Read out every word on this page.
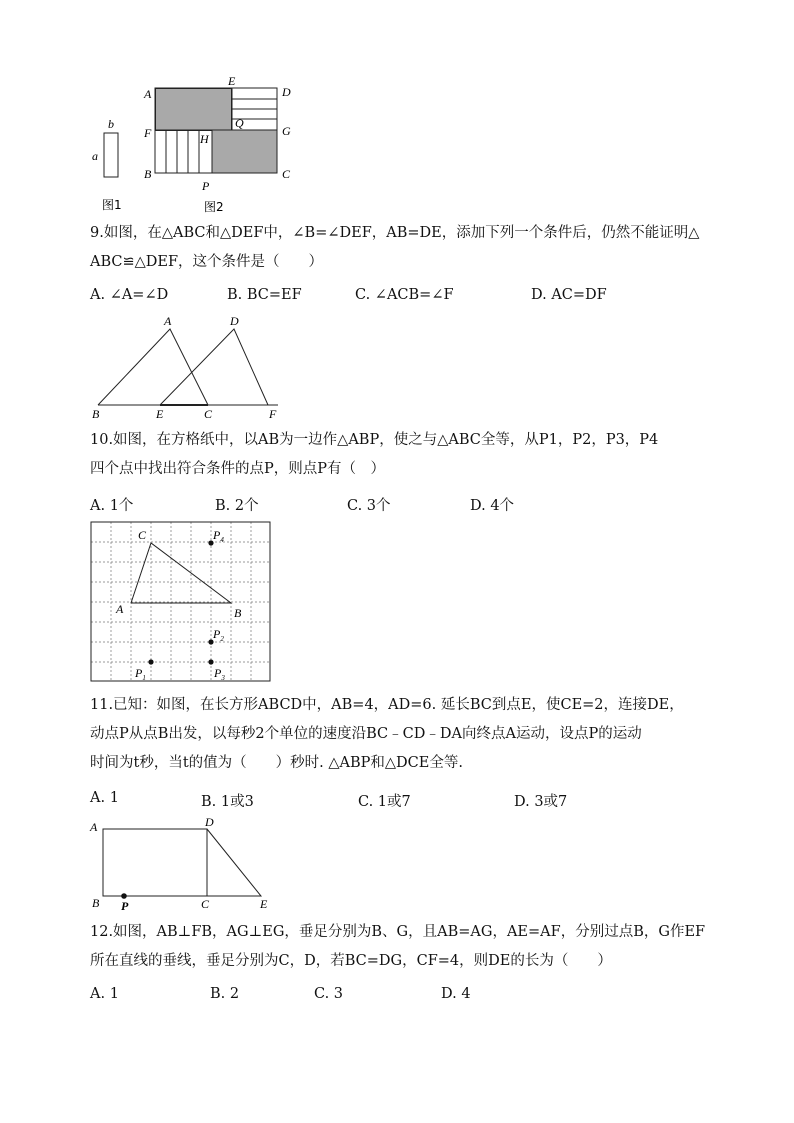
b
a
图1
A
E
D
Q
F	G
H
B	C
P
图2
9.如图，在△ABC和△DEF中，∠B=∠DEF，AB=DE，添加下列一个条件后，仍然不能证明△
ABC≌△DEF，这个条件是（　　）
A. ∠A=∠D	B. BC=EF	C. ∠ACB=∠F	D. AC=DF
A	D
B	E	C	F
10.如图，在方格纸中，以AB为一边作△ABP，使之与△ABC全等，从P1，P2，P3，P4
四个点中找出符合条件的点P，则点P有（　）
A. 1个	B. 2个	C. 3个	D. 4个
C	$P_4$
A	B
$P_2$
$P_1$	$P_3$
11.已知：如图，在长方形ABCD中，AB=4，AD=6. 延长BC到点E，使CE=2，连接DE，
动点P从点B出发，以每秒2个单位的速度沿BC﹣CD﹣DA向终点A运动，设点P的运动
时间为t秒，当t的值为（　　）秒时. △ABP和△DCE全等.
A. 1	B. 1或3	C. 1或7	D. 3或7
A	D
B P	C	E
12.如图，AB⊥FB，AG⊥EG，垂足分别为B、G，且AB=AG，AE=AF，分别过点B，G作EF
所在直线的垂线，垂足分别为C，D，若BC=DG，CF=4，则DE的长为（　　）
A. 1	B. 2	C. 3	D. 4
